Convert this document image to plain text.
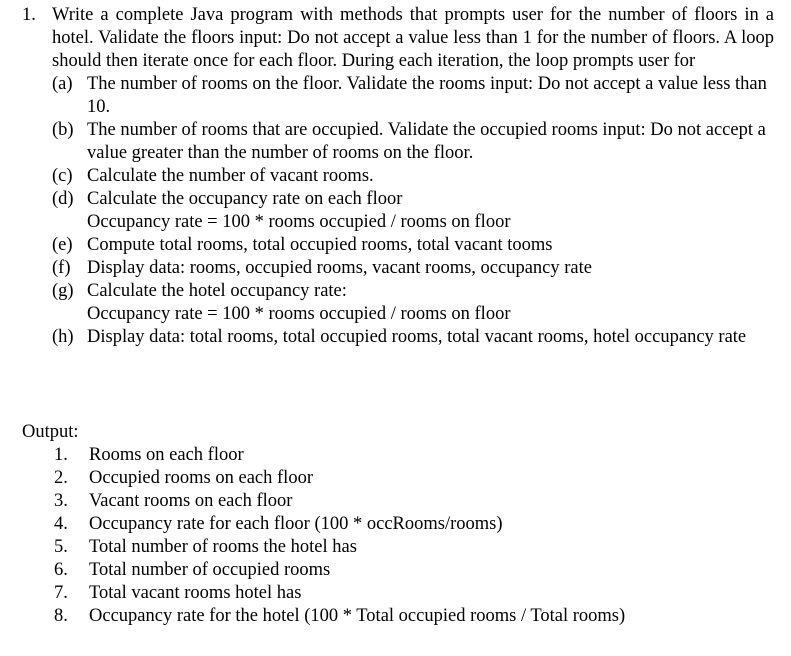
1. Write a complete Java program with methods that prompts user for the number of floors in a hotel. Validate the floors input: Do not accept a value less than 1 for the number of floors. A loop should then iterate once for each floor. During each iteration, the loop prompts user for

(a) The number of rooms on the floor. Validate the rooms input: Do not accept a value less than 10.
(b) The number of rooms that are occupied. Validate the occupied rooms input: Do not accept a value greater than the number of rooms on the floor.
(c) Calculate the number of vacant rooms.
(d) Calculate the occupancy rate on each floor
Occupancy rate = 100 * rooms occupied / rooms on floor
(e) Compute total rooms, total occupied rooms, total vacant tooms
(f) Display data: rooms, occupied rooms, vacant rooms, occupancy rate
(g) Calculate the hotel occupancy rate:
Occupancy rate = 100 * rooms occupied / rooms on floor
(h) Display data: total rooms, total occupied rooms, total vacant rooms, hotel occupancy rate

Output:

1. Rooms on each floor
2. Occupied rooms on each floor
3. Vacant rooms on each floor
4. Occupancy rate for each floor (100 * occRooms/rooms)
5. Total number of rooms the hotel has
6. Total number of occupied rooms
7. Total vacant rooms hotel has
8. Occupancy rate for the hotel (100 * Total occupied rooms / Total rooms)
